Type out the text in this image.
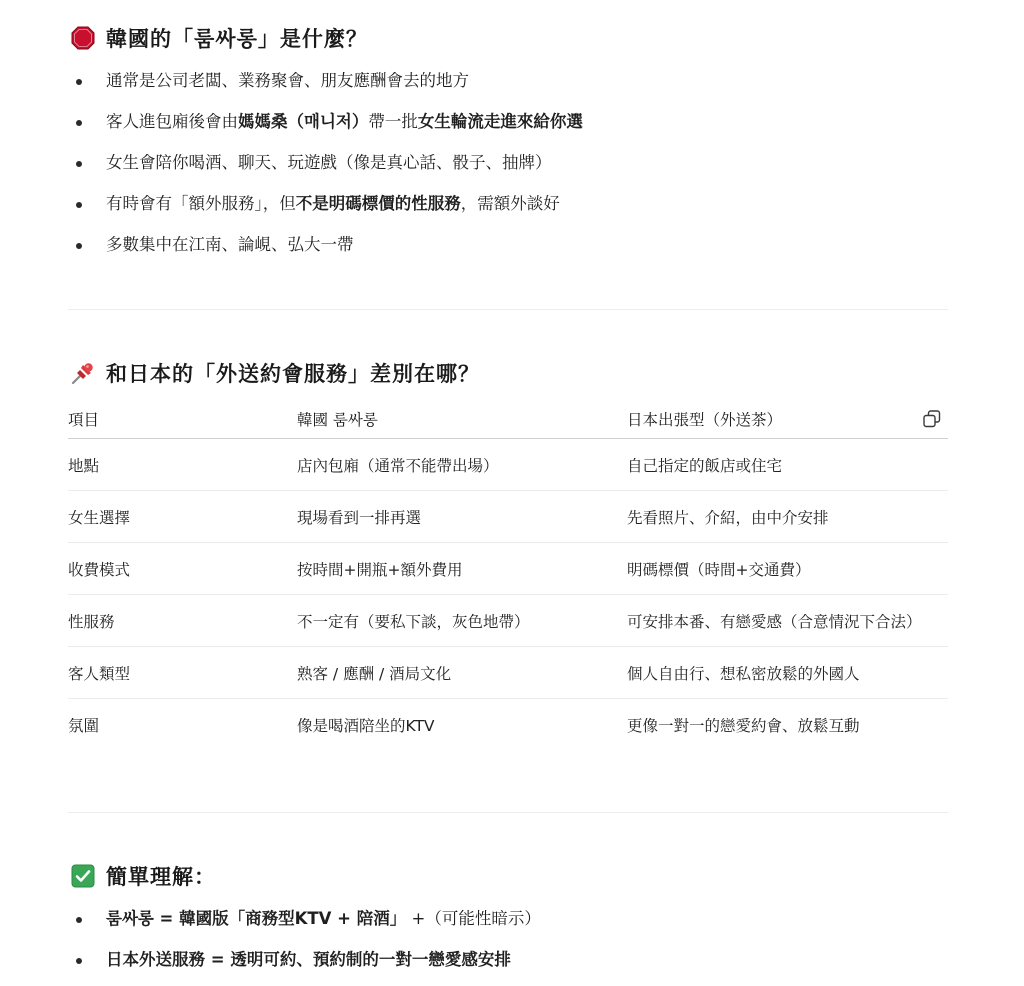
韓國的「룸싸롱」是什麼？
通常是公司老闆、業務聚會、朋友應酬會去的地方
客人進包廂後會由媽媽桑（매니저）帶一批女生輪流走進來給你選
女生會陪你喝酒、聊天、玩遊戲（像是真心話、骰子、抽牌）
有時會有「額外服務」，但不是明碼標價的性服務，需額外談好
多數集中在江南、論峴、弘大一帶
和日本的「外送約會服務」差別在哪？
項目	韓國 룸싸롱	日本出張型（外送茶）

地點	店內包廂（通常不能帶出場）	自己指定的飯店或住宅
女生選擇	現場看到一排再選	先看照片、介紹，由中介安排
收費模式	按時間+開瓶+額外費用	明碼標價（時間+交通費）
性服務	不一定有（要私下談，灰色地帶）	可安排本番、有戀愛感（合意情況下合法）
客人類型	熟客 / 應酬 / 酒局文化	個人自由行、想私密放鬆的外國人
氛圍	像是喝酒陪坐的KTV	更像一對一的戀愛約會、放鬆互動
簡單理解：
룸싸롱 = 韓國版「商務型KTV + 陪酒」 +（可能性暗示）
日本外送服務 = 透明可約、預約制的一對一戀愛感安排
